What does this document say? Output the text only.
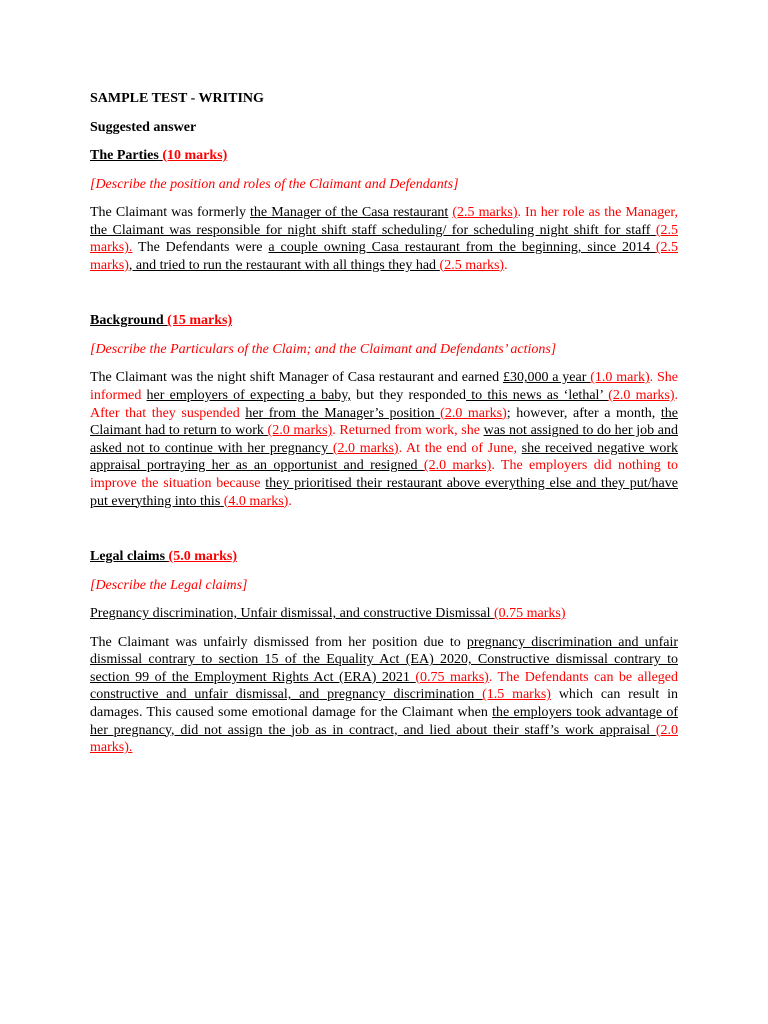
SAMPLE TEST - WRITING

Suggested answer

The Parties (10 marks)

[Describe the position and roles of the Claimant and Defendants]

The Claimant was formerly the Manager of the Casa restaurant (2.5 marks). In her role as the Manager, the Claimant was responsible for night shift staff scheduling/ for scheduling night shift for staff (2.5 marks). The Defendants were a couple owning Casa restaurant from the beginning, since 2014 (2.5 marks), and tried to run the restaurant with all things they had (2.5 marks).

Background (15 marks)

[Describe the Particulars of the Claim; and the Claimant and Defendants’ actions]

The Claimant was the night shift Manager of Casa restaurant and earned £30,000 a year (1.0 mark). She informed her employers of expecting a baby, but they responded to this news as ‘lethal’ (2.0 marks). After that they suspended her from the Manager’s position (2.0 marks); however, after a month, the Claimant had to return to work (2.0 marks). Returned from work, she was not assigned to do her job and asked not to continue with her pregnancy (2.0 marks). At the end of June, she received negative work appraisal portraying her as an opportunist and resigned (2.0 marks). The employers did nothing to improve the situation because they prioritised their restaurant above everything else and they put/have put everything into this (4.0 marks).

Legal claims (5.0 marks)

[Describe the Legal claims]

Pregnancy discrimination, Unfair dismissal, and constructive Dismissal (0.75 marks)

The Claimant was unfairly dismissed from her position due to pregnancy discrimination and unfair dismissal contrary to section 15 of the Equality Act (EA) 2020, Constructive dismissal contrary to section 99 of the Employment Rights Act (ERA) 2021 (0.75 marks). The Defendants can be alleged constructive and unfair dismissal, and pregnancy discrimination (1.5 marks) which can result in damages. This caused some emotional damage for the Claimant when the employers took advantage of her pregnancy, did not assign the job as in contract, and lied about their staff’s work appraisal (2.0 marks).
